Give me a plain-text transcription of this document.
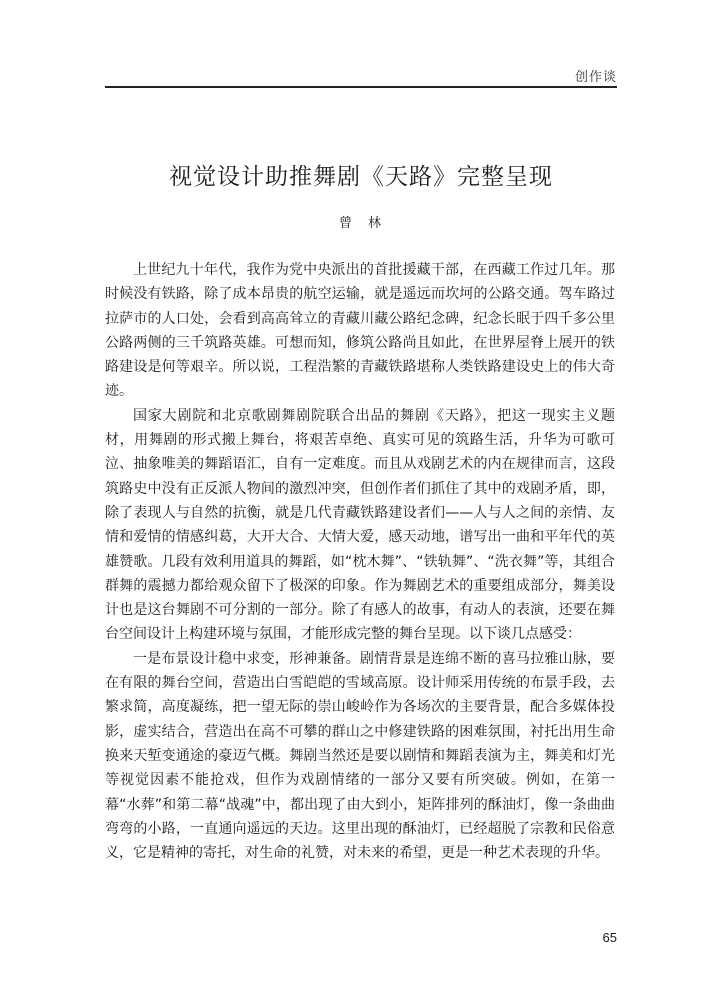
创作谈
视觉设计助推舞剧《天路》完整呈现
曾林

上世纪九十年代，我作为党中央派出的首批援藏干部，在西藏工作过几年。那时候没有铁路，除了成本昂贵的航空运输，就是遥远而坎坷的公路交通。驾车路过拉萨市的人口处，会看到高高耸立的青藏川藏公路纪念碑，纪念长眠于四千多公里公路两侧的三千筑路英雄。可想而知，修筑公路尚且如此，在世界屋脊上展开的铁路建设是何等艰辛。所以说，工程浩繁的青藏铁路堪称人类铁路建设史上的伟大奇迹。

国家大剧院和北京歌剧舞剧院联合出品的舞剧《天路》，把这一现实主义题材，用舞剧的形式搬上舞台，将艰苦卓绝、真实可见的筑路生活，升华为可歌可泣、抽象唯美的舞蹈语汇，自有一定难度。而且从戏剧艺术的内在规律而言，这段筑路史中没有正反派人物间的激烈冲突，但创作者们抓住了其中的戏剧矛盾，即，除了表现人与自然的抗衡，就是几代青藏铁路建设者们——人与人之间的亲情、友情和爱情的情感纠葛，大开大合、大情大爱，感天动地，谱写出一曲和平年代的英雄赞歌。几段有效利用道具的舞蹈，如“枕木舞”、“铁轨舞”、“洗衣舞”等，其组合群舞的震撼力都给观众留下了极深的印象。作为舞剧艺术的重要组成部分，舞美设计也是这台舞剧不可分割的一部分。除了有感人的故事，有动人的表演，还要在舞台空间设计上构建环境与氛围，才能形成完整的舞台呈现。以下谈几点感受：

一是布景设计稳中求变，形神兼备。剧情背景是连绵不断的喜马拉雅山脉，要在有限的舞台空间，营造出白雪皑皑的雪域高原。设计师采用传统的布景手段，去繁求简，高度凝练，把一望无际的崇山峻岭作为各场次的主要背景，配合多媒体投影，虚实结合，营造出在高不可攀的群山之中修建铁路的困难氛围，衬托出用生命换来天堑变通途的豪迈气概。舞剧当然还是要以剧情和舞蹈表演为主，舞美和灯光等视觉因素不能抢戏，但作为戏剧情绪的一部分又要有所突破。例如，在第一幕“水葬”和第二幕“战魂”中，都出现了由大到小，矩阵排列的酥油灯，像一条曲曲弯弯的小路，一直通向遥远的天边。这里出现的酥油灯，已经超脱了宗教和民俗意义，它是精神的寄托，对生命的礼赞，对未来的希望，更是一种艺术表现的升华。

65
